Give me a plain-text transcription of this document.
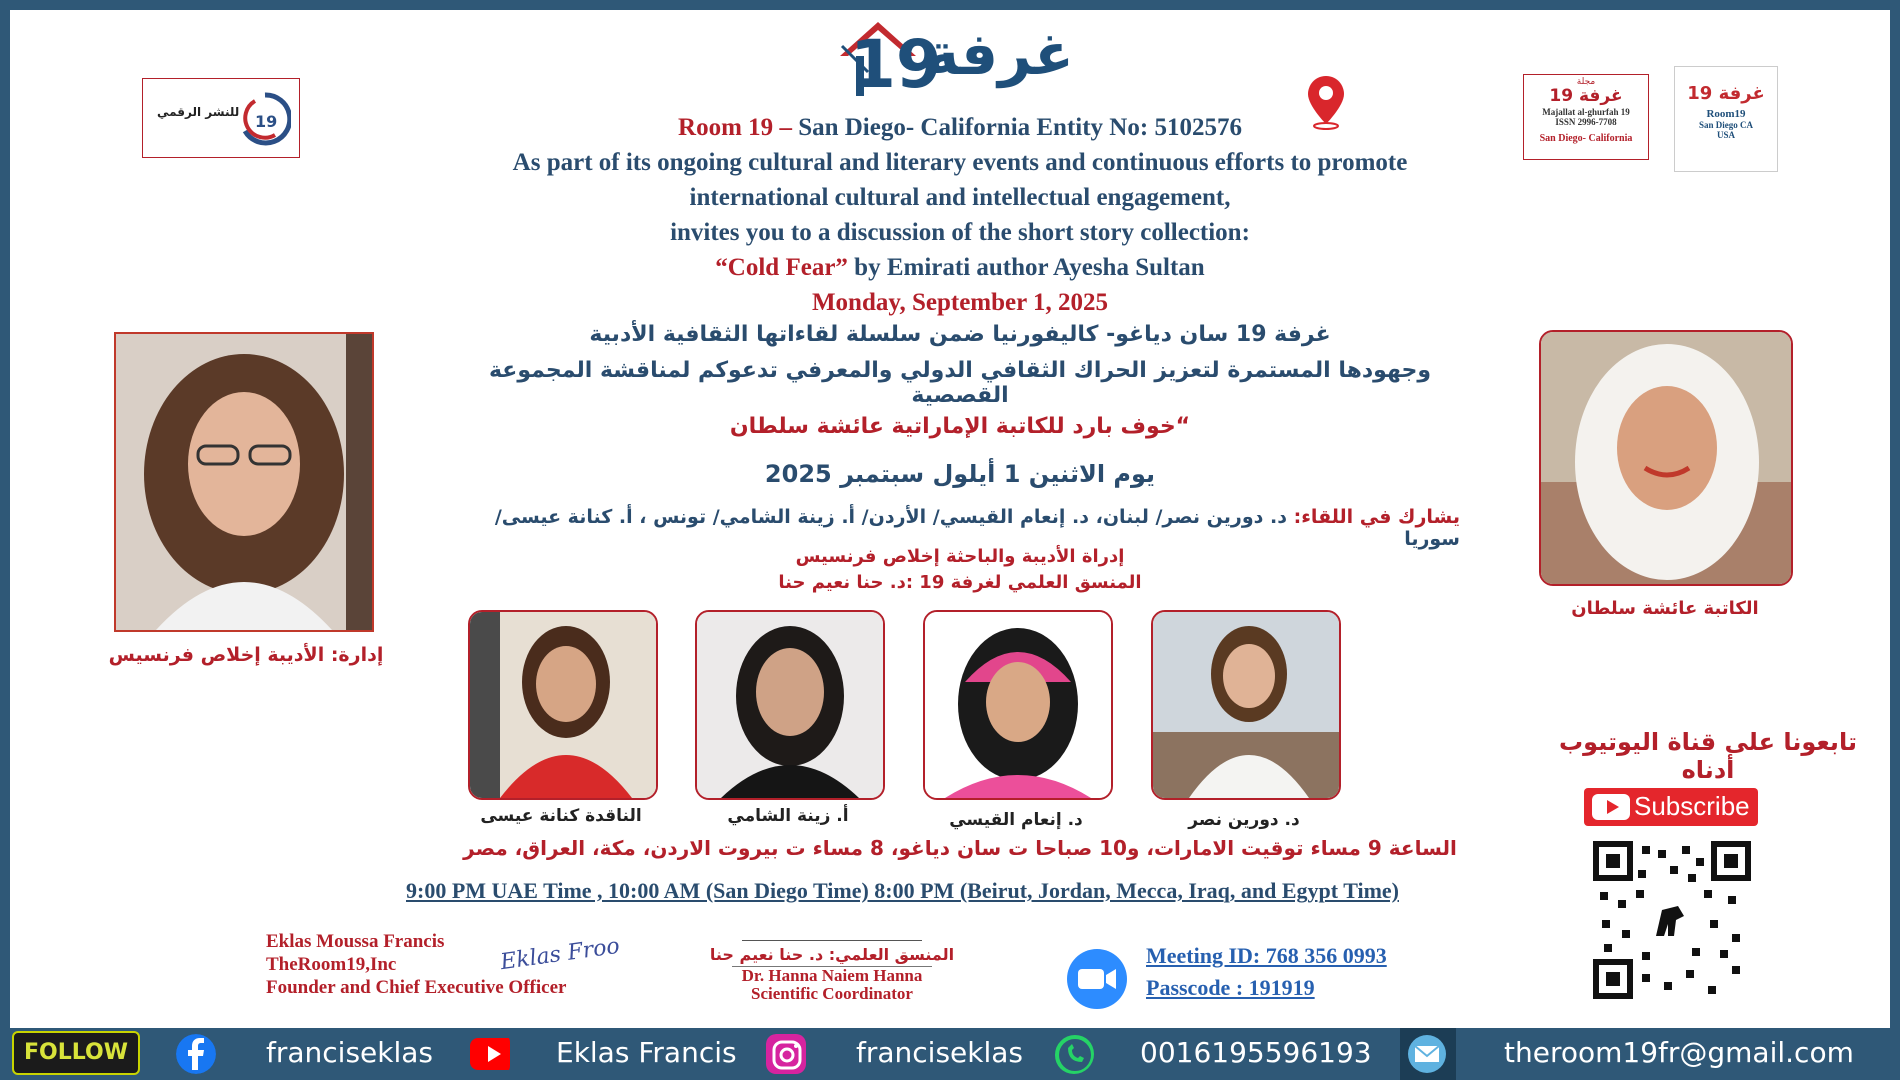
19
غرفة
للنشر الرقمي 19
مجلة
غرفة 19
Majallat al-ghurfah 19
ISSN 2996-7708
San Diego- California
غرفة 19
Room19
San Diego CA
USA
Room 19 – San Diego- California Entity No: 5102576
As part of its ongoing cultural and literary events and continuous efforts to promote
international cultural and intellectual engagement,
invites you to a discussion of the short story collection:
“Cold Fear” by Emirati author Ayesha Sultan
Monday, September 1, 2025
غرفة 19 سان دياغو- كاليفورنيا ضمن سلسلة لقاءاتها الثقافية الأدبية
وجهودها المستمرة لتعزيز الحراك الثقافي الدولي والمعرفي تدعوكم لمناقشة المجموعة القصصية
“خوف بارد للكاتبة الإماراتية عائشة سلطان
يوم الاثنين 1 أيلول سبتمبر 2025
يشارك في اللقاء: د. دورين نصر/ لبنان، د. إنعام القيسي/ الأردن/ أ. زينة الشامي/ تونس ، أ. كنانة عيسى/ سوريا
إدراة الأديبة والباحثة إخلاص فرنسيس
المنسق العلمي لغرفة 19 :د. حنا نعيم حنا
إدارة: الأديبة إخلاص فرنسيس
الكاتبة عائشة سلطان
الناقدة كنانة عيسى	أ. زينة الشامي	د. إنعام القيسي	د. دورين نصر
الساعة 9 مساء توقيت الامارات، و10 صباحا ت سان دياغو، 8 مساء ت بيروت الاردن، مكة، العراق، مصر
9:00 PM UAE Time , 10:00 AM (San Diego Time) 8:00 PM (Beirut, Jordan, Mecca, Iraq, and Egypt Time)
تابعونا على قناة اليوتيوب أدناه
Subscribe
Eklas Moussa Francis
TheRoom19,Inc
Founder and Chief Executive Officer
Eklas Froo	المنسق العلمي: د. حنا نعيم حنا
Dr. Hanna Naiem Hanna
Scientific Coordinator
Meeting ID: 768 356 0993
Passcode : 191919
FOLLOW	franciseklas	Eklas Francis	franciseklas	0016195596193	theroom19fr@gmail.com
